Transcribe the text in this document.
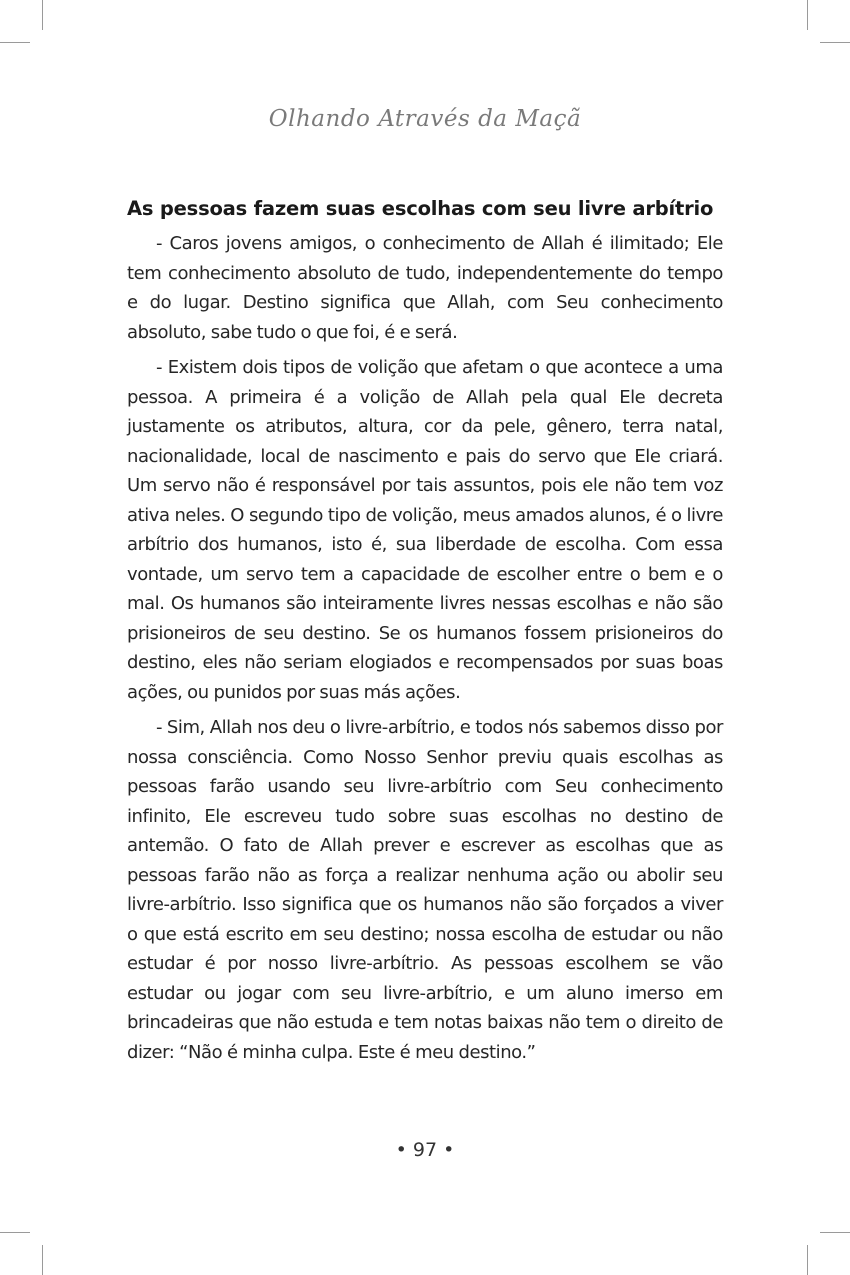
Olhando Através da Maçã
As pessoas fazem suas escolhas com seu livre arbítrio

- Caros jovens amigos, o conhecimento de Allah é ilimitado; Ele tem conhecimento absoluto de tudo, independentemente do tempo e do lugar. Destino significa que Allah, com Seu conhecimento absoluto, sabe tudo o que foi, é e será.

- Existem dois tipos de volição que afetam o que acontece a uma pessoa. A primeira é a volição de Allah pela qual Ele decreta justamente os atributos, altura, cor da pele, gênero, terra natal, nacionalidade, local de nascimento e pais do servo que Ele criará. Um servo não é responsável por tais assuntos, pois ele não tem voz ativa neles. O segundo tipo de volição, meus amados alunos, é o livre arbítrio dos humanos, isto é, sua liberdade de escolha. Com essa vontade, um servo tem a capacidade de escolher entre o bem e o mal. Os humanos são inteiramente livres nessas escolhas e não são prisioneiros de seu destino. Se os humanos fossem prisioneiros do destino, eles não seriam elogiados e recompensados por suas boas ações, ou punidos por suas más ações.

- Sim, Allah nos deu o livre-arbítrio, e todos nós sabemos disso por nossa consciência. Como Nosso Senhor previu quais escolhas as pessoas farão usando seu livre-arbítrio com Seu conhecimento infinito, Ele escreveu tudo sobre suas escolhas no destino de antemão. O fato de Allah prever e escrever as escolhas que as pessoas farão não as força a realizar nenhuma ação ou abolir seu livre-arbítrio. Isso significa que os humanos não são forçados a viver o que está escrito em seu destino; nossa escolha de estudar ou não estudar é por nosso livre-arbítrio. As pessoas escolhem se vão estudar ou jogar com seu livre-arbítrio, e um aluno imerso em brincadeiras que não estuda e tem notas baixas não tem o direito de dizer: “Não é minha culpa. Este é meu destino.”

• 97 •
